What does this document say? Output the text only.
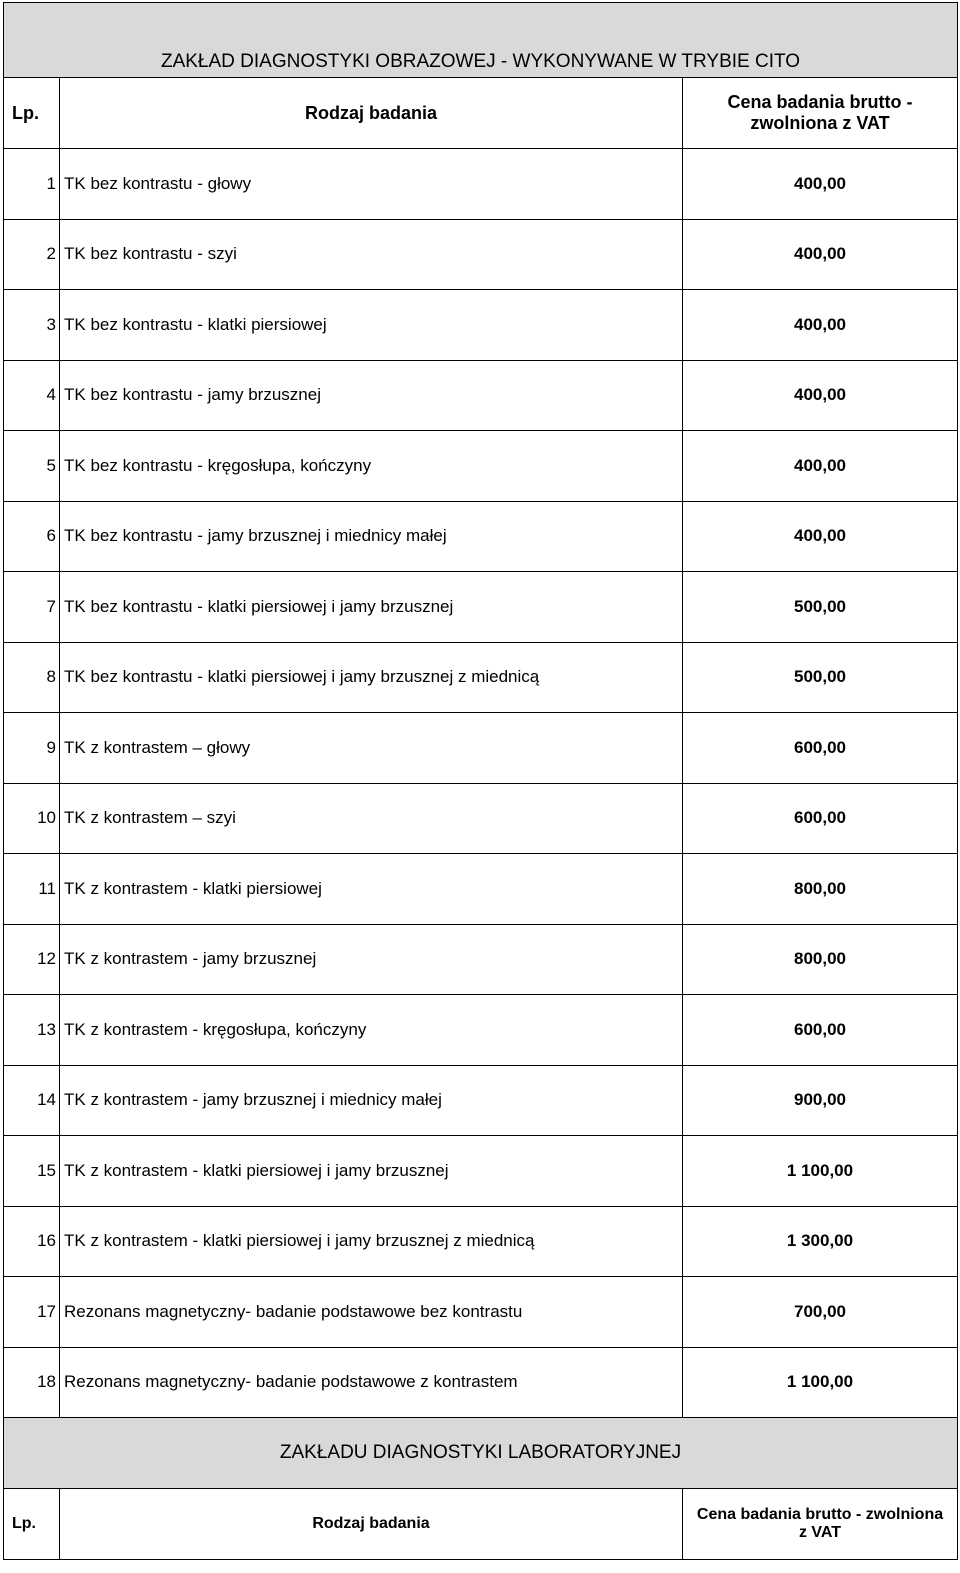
ZAKŁAD DIAGNOSTYKI OBRAZOWEJ - WYKONYWANE W TRYBIE CITO		
Lp.	Rodzaj badania	Cena badania brutto -
zwolniona z VAT

1	TK bez kontrastu - głowy	400,00
2	TK bez kontrastu - szyi	400,00
3	TK bez kontrastu - klatki piersiowej	400,00
4	TK bez kontrastu - jamy brzusznej	400,00
5	TK bez kontrastu - kręgosłupa, kończyny	400,00
6	TK bez kontrastu - jamy brzusznej i miednicy małej	400,00
7	TK bez kontrastu - klatki piersiowej i jamy brzusznej	500,00
8	TK bez kontrastu - klatki piersiowej i jamy brzusznej z miednicą	500,00
9	TK z kontrastem – głowy	600,00
10	TK z kontrastem – szyi	600,00
11	TK z kontrastem - klatki piersiowej	800,00
12	TK z kontrastem - jamy brzusznej	800,00
13	TK z kontrastem - kręgosłupa, kończyny	600,00
14	TK z kontrastem - jamy brzusznej i miednicy małej	900,00
15	TK z kontrastem - klatki piersiowej i jamy brzusznej	1 100,00
16	TK z kontrastem - klatki piersiowej i jamy brzusznej z miednicą	1 300,00
17	Rezonans magnetyczny- badanie podstawowe bez kontrastu	700,00
18	Rezonans magnetyczny- badanie podstawowe z kontrastem	1 100,00
ZAKŁADU DIAGNOSTYKI LABORATORYJNEJ		
Lp.	Rodzaj badania	Cena badania brutto - zwolniona
z VAT
